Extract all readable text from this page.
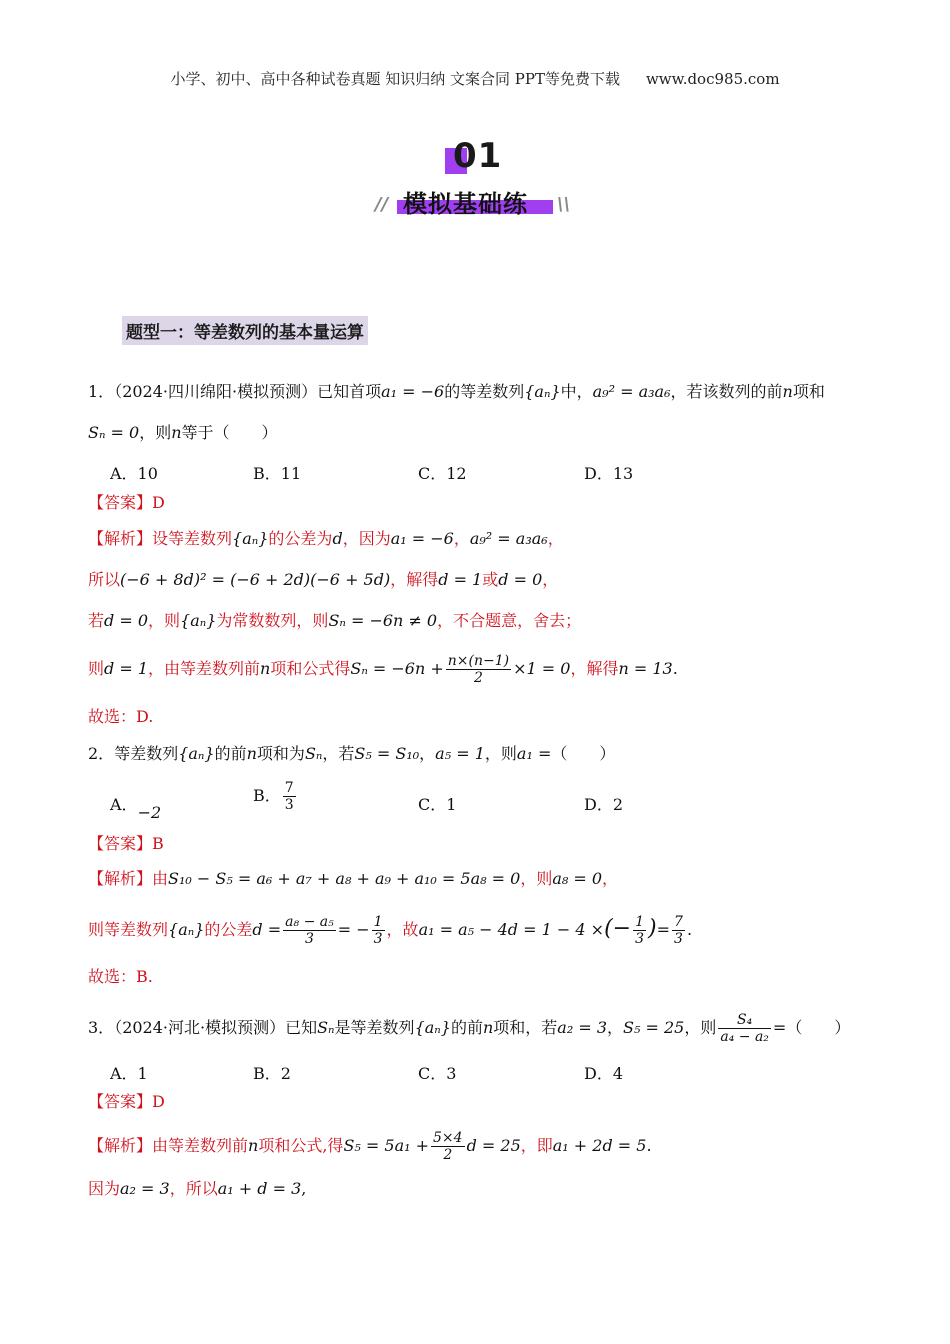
小学、初中、高中各种试卷真题 知识归纳 文案合同 PPT等免费下载 www.doc985.com
01
// 模拟基础练 \\
题型一：等差数列的基本量运算
1．（2024·四川绵阳·模拟预测）已知首项a₁ = −6的等差数列{aₙ}中，a₉² = a₃a₆，若该数列的前n项和
Sₙ = 0，则n等于（　　）
A．10	B．11	C．12	D．13
【答案】D
【解析】设等差数列{aₙ}的公差为d，因为a₁ = −6，a₉² = a₃a₆，
所以(−6 + 8d)² = (−6 + 2d)(−6 + 5d)，解得d = 1或d = 0，
若d = 0，则{aₙ}为常数数列，则Sₙ = −6n ≠ 0，不合题意，舍去；
则d = 1，由等差数列前n项和公式得$S_n = -6n + \frac{n\times(n-1)}{2} \times 1 = 0$，解得n = 13.
故选：D.
2．等差数列{aₙ}的前n项和为Sₙ，若S₅ = S₁₀，a₅ = 1，则a₁ =（　　）
A．−2
B． $\frac{7}{3}$	C．1	D．2
【答案】B
【解析】由S₁₀ − S₅ = a₆ + a₇ + a₈ + a₉ + a₁₀ = 5a₈ = 0，则a₈ = 0，
则等差数列{aₙ}的公差$d = \frac{\text{a₈ − a₅}}{3}$ = − $\frac{1}{3}$ ，故a₁ = a₅ − 4d = 1 − 4 ×(− $\frac{1}{3}$ )= $\frac{7}{3}$ .
故选：B.
3．（2024·河北·模拟预测）已知Sₙ是等差数列{aₙ}的前n项和，若a₂ = 3，S₅ = 25，则 $\frac{\text{S₄}}{\text{a₄ − a₂}}$ =（　　）
A．1	B．2	C．3	D．4
【答案】D
【解析】由等差数列前n项和公式,得$S_5 = 5a_1 + \frac{5\times 4}{2}$ d = 25，即a₁ + 2d = 5.
因为a₂ = 3，所以a₁ + d = 3,
